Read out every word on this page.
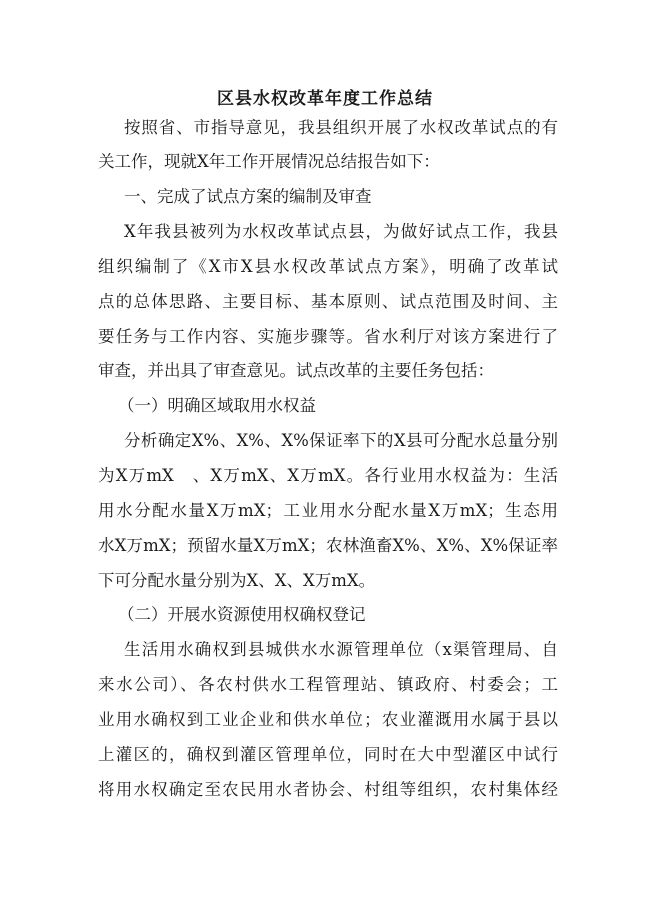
区县水权改革年度工作总结

按照省、市指导意见，我县组织开展了水权改革试点的有

关工作，现就X年工作开展情况总结报告如下：

一、完成了试点方案的编制及审查

X年我县被列为水权改革试点县，为做好试点工作，我县

组织编制了《X市X县水权改革试点方案》，明确了改革试

点的总体思路、主要目标、基本原则、试点范围及时间、主

要任务与工作内容、实施步骤等。省水利厅对该方案进行了

审查，并出具了审查意见。试点改革的主要任务包括：

（一）明确区域取用水权益

分析确定X%、X%、X%保证率下的X县可分配水总量分别

为X万mX　、X万mX、X万mX。各行业用水权益为：生活

用水分配水量X万mX；工业用水分配水量X万mX；生态用

水X万mX；预留水量X万mX；农林渔畜X%、X%、X%保证率

下可分配水量分别为X、X、X万mX。

（二）开展水资源使用权确权登记

生活用水确权到县城供水水源管理单位（x渠管理局、自

来水公司）、各农村供水工程管理站、镇政府、村委会；工

业用水确权到工业企业和供水单位；农业灌溉用水属于县以

上灌区的，确权到灌区管理单位，同时在大中型灌区中试行

将用水权确定至农民用水者协会、村组等组织，农村集体经
